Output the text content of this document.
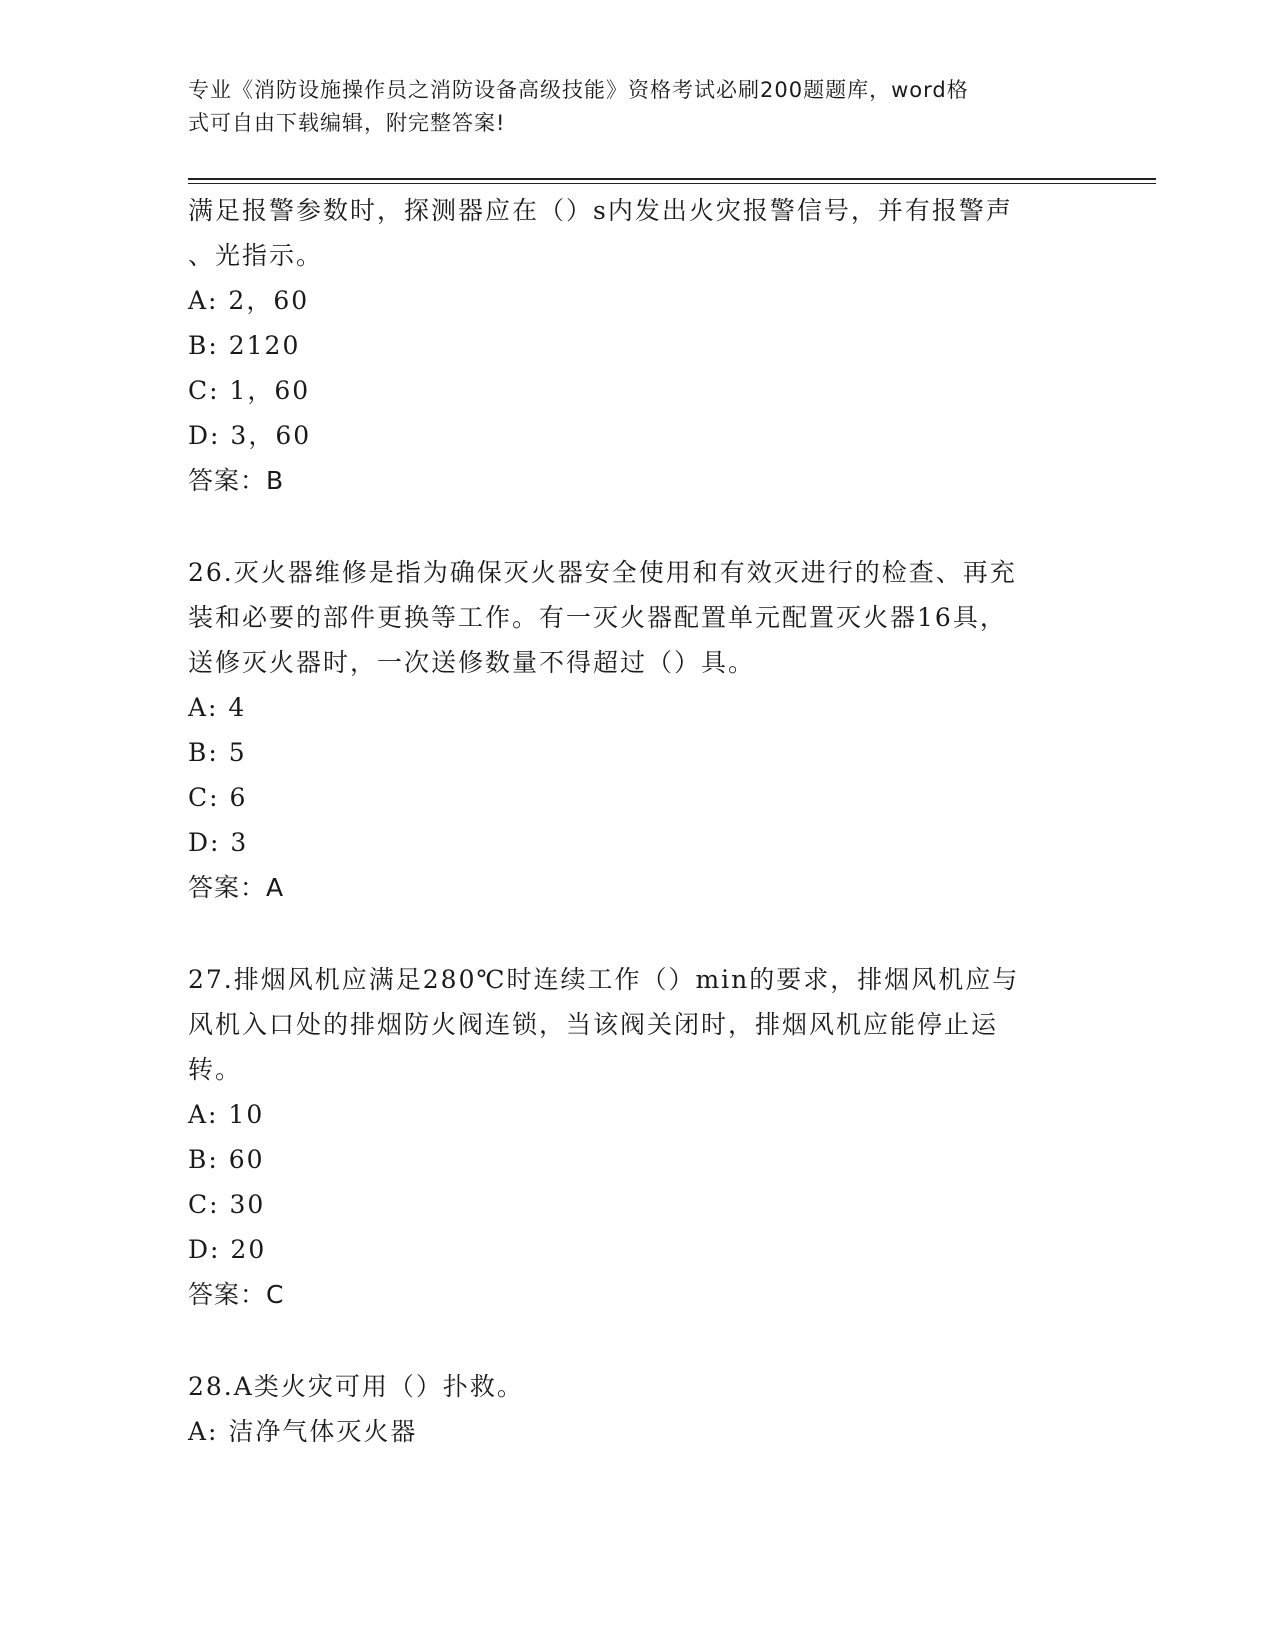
专业《消防设施操作员之消防设备高级技能》资格考试必刷200题题库，word格
式可自由下载编辑，附完整答案!
满足报警参数时，探测器应在（）s内发出火灾报警信号，并有报警声
、光指示。
A: 2，60
B: 2120
C: 1，60
D: 3，60
答案：B
26.灭火器维修是指为确保灭火器安全使用和有效灭进行的检查、再充
装和必要的部件更换等工作。有一灭火器配置单元配置灭火器16具，
送修灭火器时，一次送修数量不得超过（）具。
A: 4
B: 5
C: 6
D: 3
答案：A
27.排烟风机应满足280℃时连续工作（）min的要求，排烟风机应与
风机入口处的排烟防火阀连锁，当该阀关闭时，排烟风机应能停止运
转。
A: 10
B: 60
C: 30
D: 20
答案：C
28.A类火灾可用（）扑救。
A: 洁净气体灭火器
